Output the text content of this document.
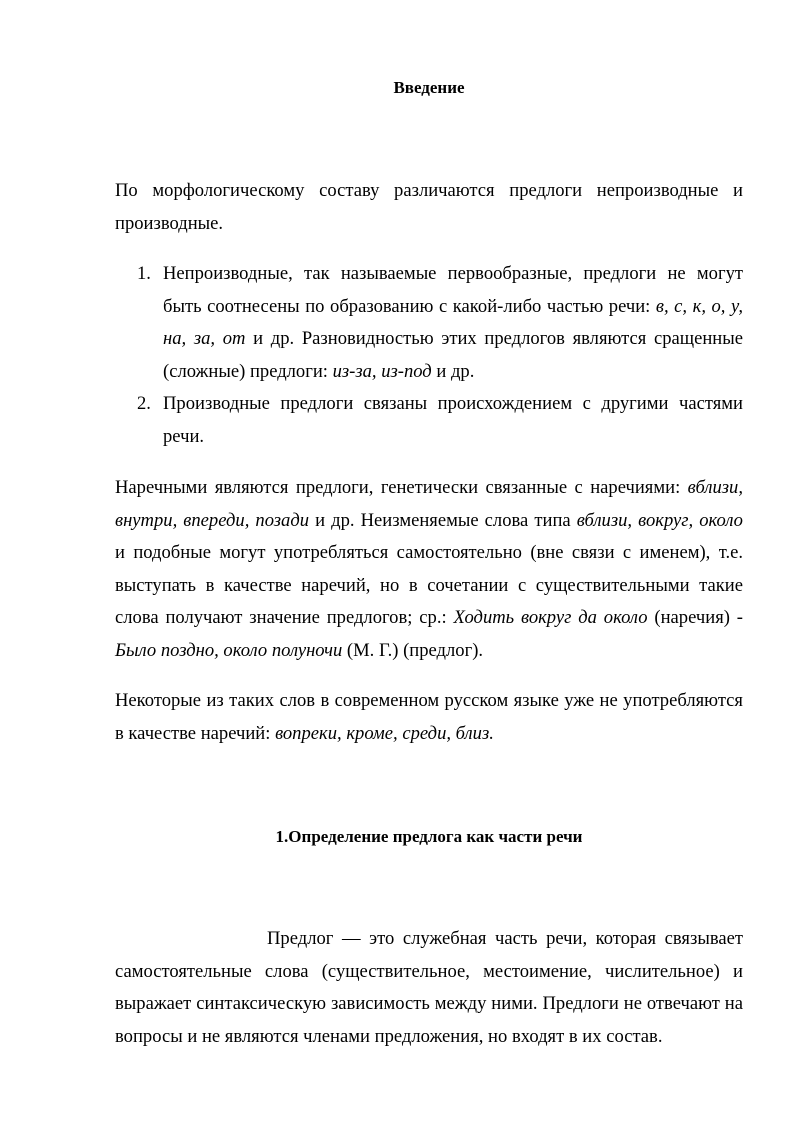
Введение
По морфологическому составу различаются предлоги непроизводные и производные.
1. Непроизводные, так называемые первообразные, предлоги не могут быть соотнесены по образованию с какой-либо частью речи: в, с, к, о, у, на, за, от и др. Разновидностью этих предлогов являются сращенные (сложные) предлоги: из-за, из-под и др.
2. Производные предлоги связаны происхождением с другими частями речи.
Наречными являются предлоги, генетически связанные с наречиями: вблизи, внутри, впереди, позади и др. Неизменяемые слова типа вблизи, вокруг, около и подобные могут употребляться самостоятельно (вне связи с именем), т.е. выступать в качестве наречий, но в сочетании с существительными такие слова получают значение предлогов; ср.: Ходить вокруг да около (наречия) - Было поздно, около полуночи (М. Г.) (предлог).
Некоторые из таких слов в современном русском языке уже не употребляются в качестве наречий: вопреки, кроме, среди, близ.
1.Определение предлога как части речи
Предлог — это служебная часть речи, которая связывает самостоятельные слова (существительное, местоимение, числительное) и выражает синтаксическую зависимость между ними. Предлоги не отвечают на вопросы и не являются членами предложения, но входят в их состав.
